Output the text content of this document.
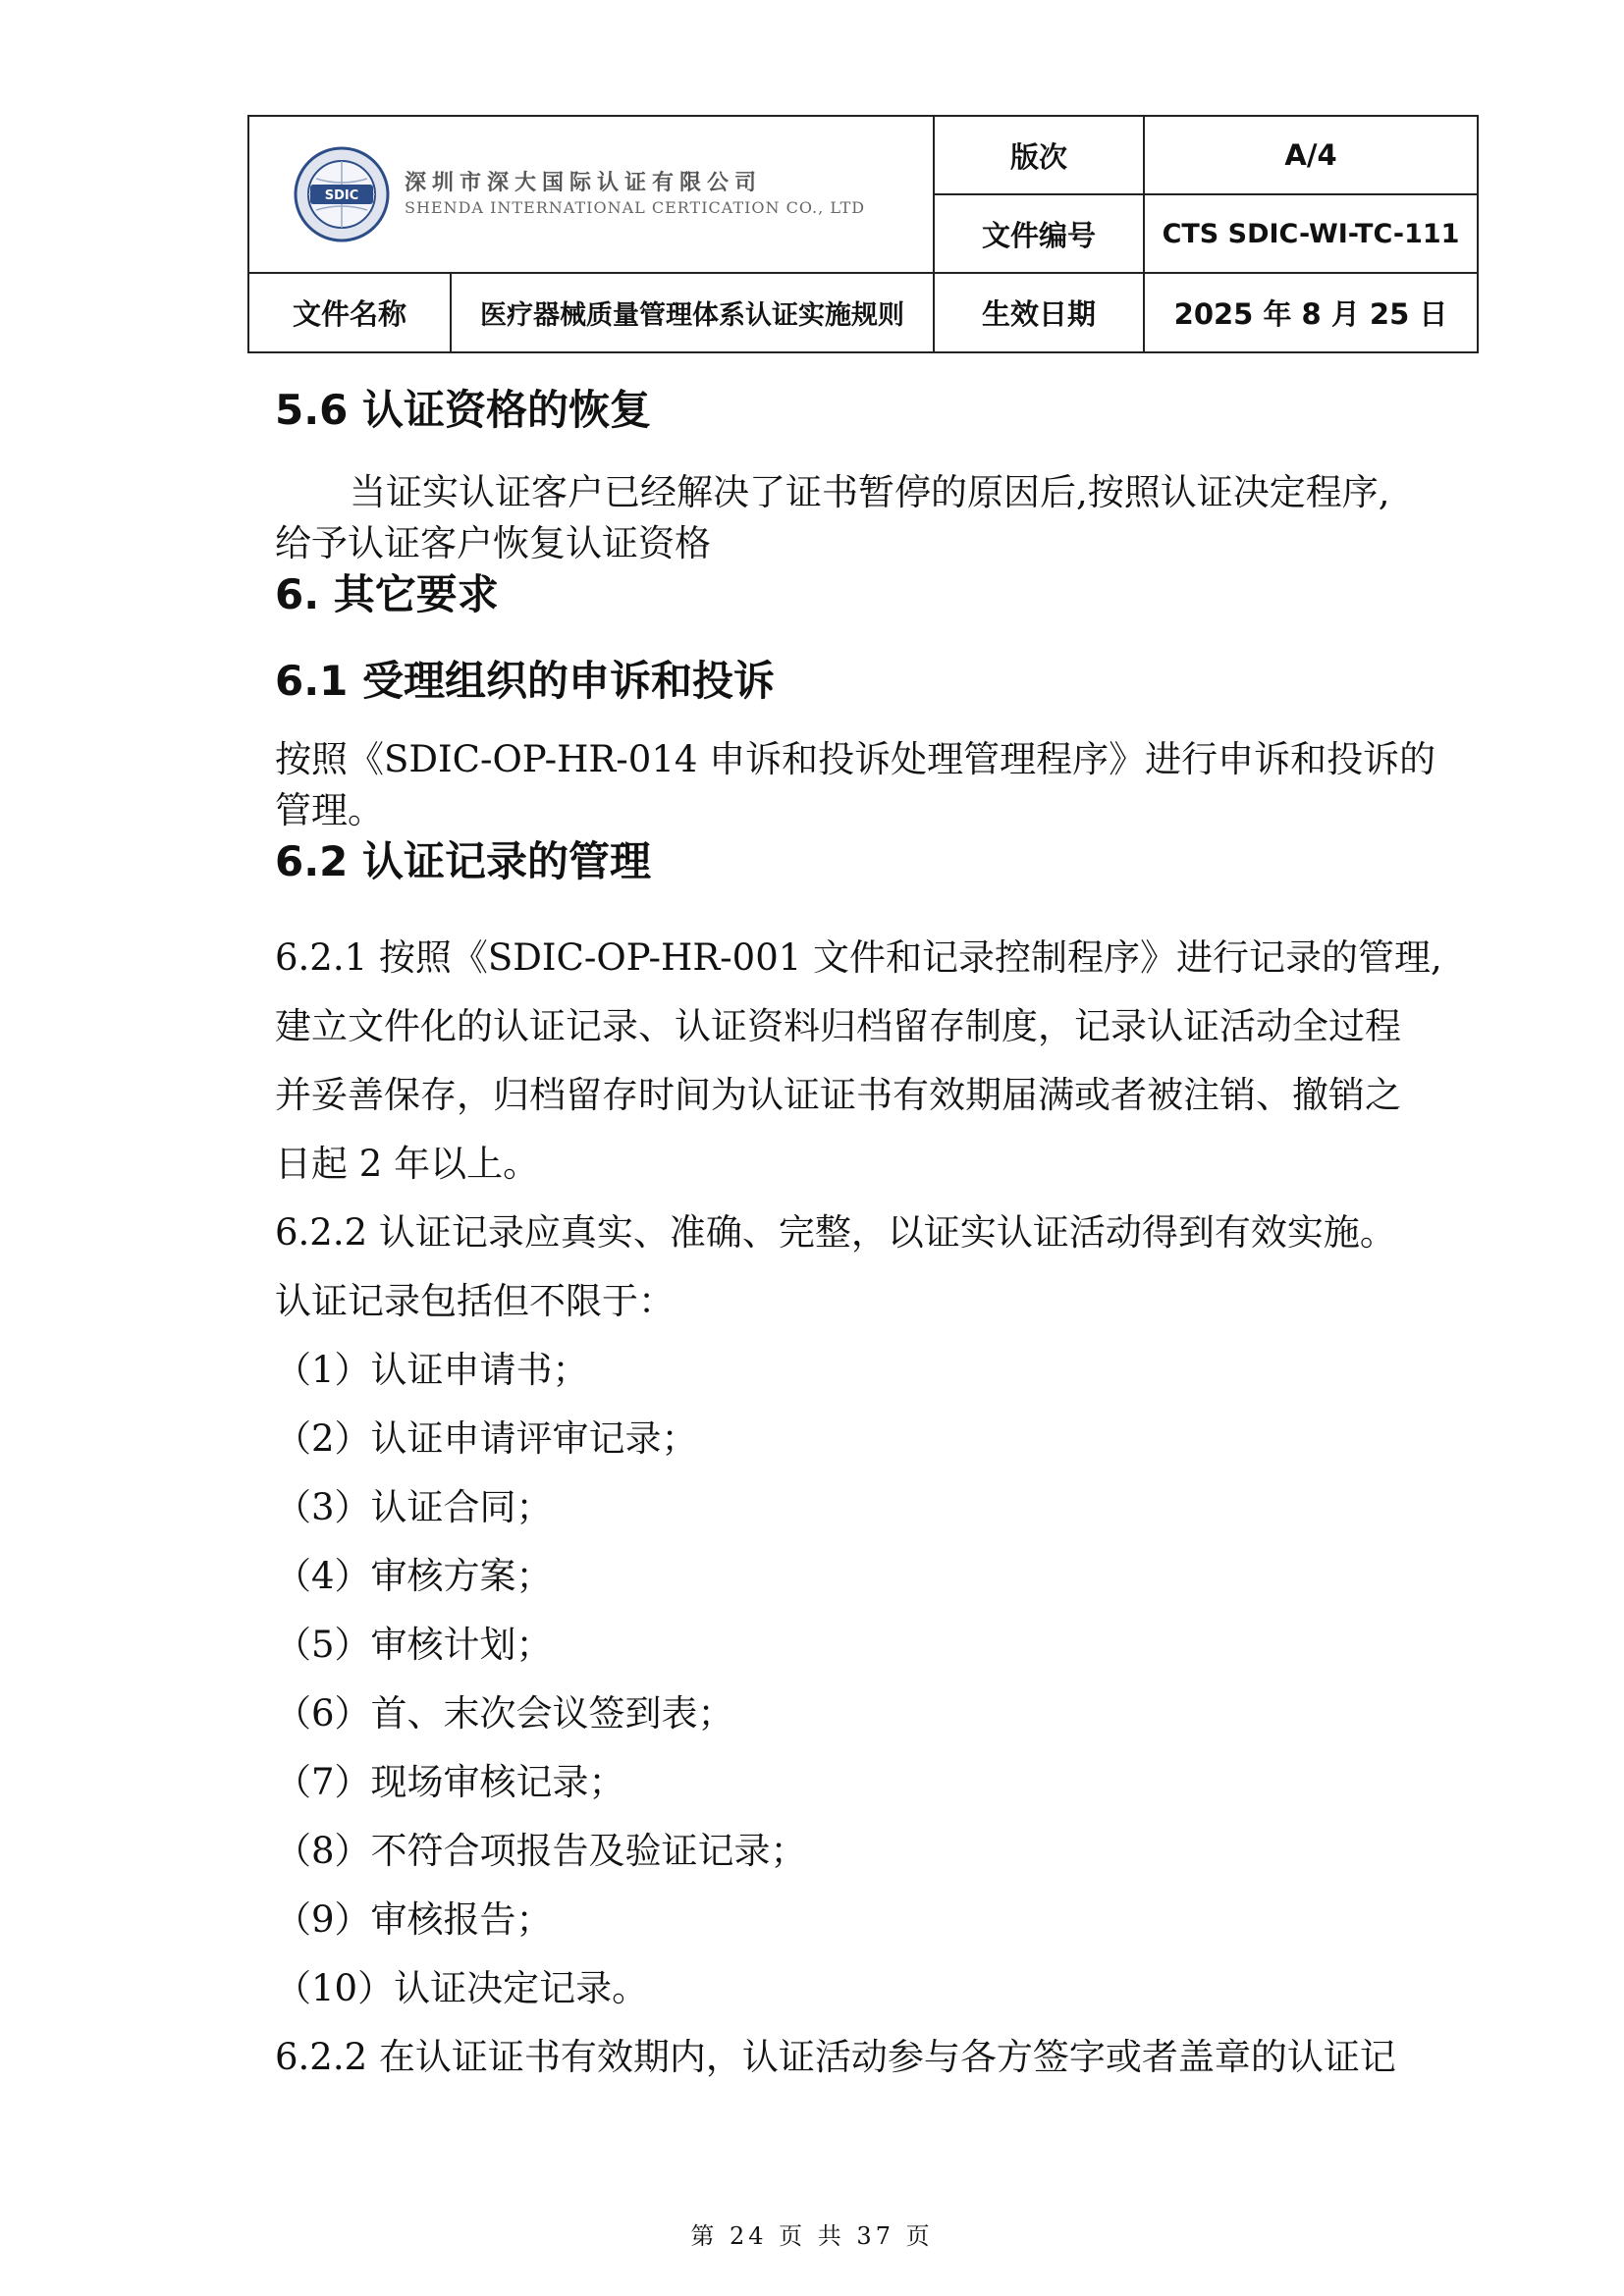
SDIC
深圳市深大国际认证有限公司
SHENDA INTERNATIONAL CERTICATION CO., LTD		版次	A/4
		文件编号	CTS SDIC-WI-TC-111
文件名称	医疗器械质量管理体系认证实施规则	生效日期	2025 年 8 月 25 日
5.6 认证资格的恢复
当证实认证客户已经解决了证书暂停的原因后,按照认证决定程序,
给予认证客户恢复认证资格
6. 其它要求
6.1 受理组织的申诉和投诉
按照《SDIC-OP-HR-014 申诉和投诉处理管理程序》进行申诉和投诉的
管理。
6.2 认证记录的管理
6.2.1 按照《SDIC-OP-HR-001 文件和记录控制程序》进行记录的管理,
建立文件化的认证记录、认证资料归档留存制度，记录认证活动全过程
并妥善保存，归档留存时间为认证证书有效期届满或者被注销、撤销之
日起 2 年以上。
6.2.2 认证记录应真实、准确、完整，以证实认证活动得到有效实施。
认证记录包括但不限于：
（1）认证申请书；
（2）认证申请评审记录；
（3）认证合同；
（4）审核方案；
（5）审核计划；
（6）首、末次会议签到表；
（7）现场审核记录；
（8）不符合项报告及验证记录；
（9）审核报告；
（10）认证决定记录。
6.2.2 在认证证书有效期内，认证活动参与各方签字或者盖章的认证记
第 24 页 共 37 页
